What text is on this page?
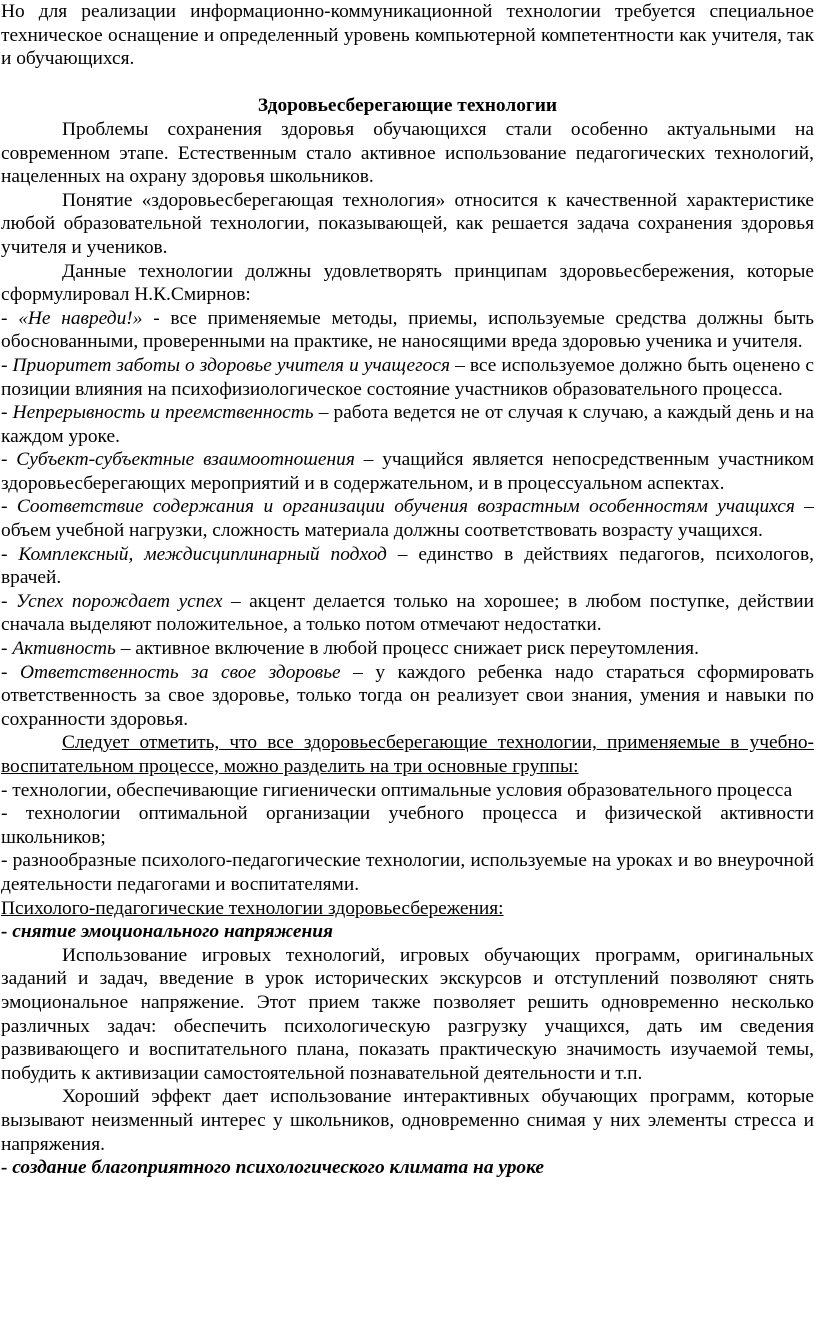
Но для реализации информационно-коммуникационной технологии требуется специальное техническое оснащение и определенный уровень компьютерной компетентности как учителя, так и обучающихся.

Здоровьесберегающие технологии

Проблемы сохранения здоровья обучающихся стали особенно актуальными на современном этапе. Естественным стало активное использование педагогических технологий, нацеленных на охрану здоровья школьников.

Понятие «здоровьесберегающая технология» относится к качественной характеристике любой образовательной технологии, показывающей, как решается задача сохранения здоровья учителя и учеников.

Данные технологии должны удовлетворять принципам здоровьесбережения, которые сформулировал Н.К.Смирнов:

- «Не навреди!» - все применяемые методы, приемы, используемые средства должны быть обоснованными, проверенными на практике, не наносящими вреда здоровью ученика и учителя.

- Приоритет заботы о здоровье учителя и учащегося – все используемое должно быть оценено с позиции влияния на психофизиологическое состояние участников образовательного процесса.

- Непрерывность и преемственность – работа ведется не от случая к случаю, а каждый день и на каждом уроке.

- Субъект-субъектные взаимоотношения – учащийся является непосредственным участником здоровьесберегающих мероприятий и в содержательном, и в процессуальном аспектах.

- Соответствие содержания и организации обучения возрастным особенностям учащихся – объем учебной нагрузки, сложность материала должны соответствовать возрасту учащихся.

- Комплексный, междисциплинарный подход – единство в действиях педагогов, психологов, врачей.

- Успех порождает успех – акцент делается только на хорошее; в любом поступке, действии сначала выделяют положительное, а только потом отмечают недостатки.

- Активность – активное включение в любой процесс снижает риск переутомления.

- Ответственность за свое здоровье – у каждого ребенка надо стараться сформировать ответственность за свое здоровье, только тогда он реализует свои знания, умения и навыки по сохранности здоровья.

Следует отметить, что все здоровьесберегающие технологии, применяемые в учебно-воспитательном процессе, можно разделить на три основные группы:

- технологии, обеспечивающие гигиенически оптимальные условия образовательного процесса

- технологии оптимальной организации учебного процесса и физической активности школьников;

- разнообразные психолого-педагогические технологии, используемые на уроках и во внеурочной деятельности педагогами и воспитателями.

Психолого-педагогические технологии здоровьесбережения:

- снятие эмоционального напряжения

Использование игровых технологий, игровых обучающих программ, оригинальных заданий и задач, введение в урок исторических экскурсов и отступлений позволяют снять эмоциональное напряжение. Этот прием также позволяет решить одновременно несколько различных задач: обеспечить психологическую разгрузку учащихся, дать им сведения развивающего и воспитательного плана, показать практическую значимость изучаемой темы, побудить к активизации самостоятельной познавательной деятельности и т.п.

Хороший эффект дает использование интерактивных обучающих программ, которые вызывают неизменный интерес у школьников, одновременно снимая у них элементы стресса и напряжения.

- создание благоприятного психологического климата на уроке
